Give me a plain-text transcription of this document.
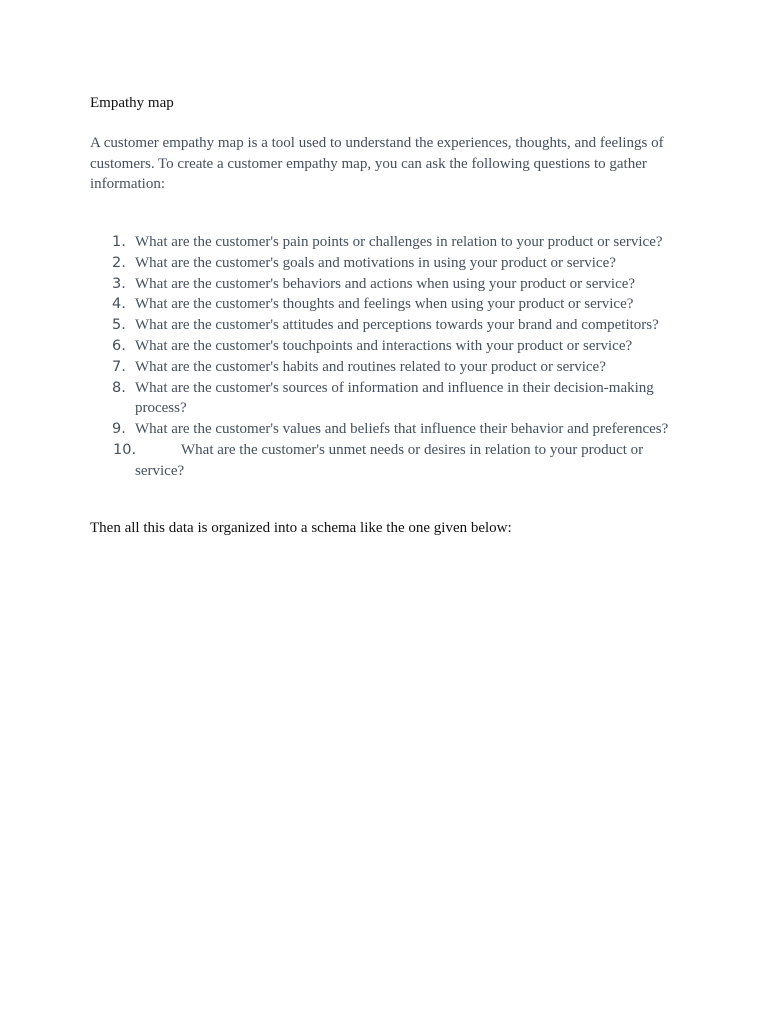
Empathy map

A customer empathy map is a tool used to understand the experiences, thoughts, and feelings of customers. To create a customer empathy map, you can ask the following questions to gather information:

1. What are the customer's pain points or challenges in relation to your product or service?
2. What are the customer's goals and motivations in using your product or service?
3. What are the customer's behaviors and actions when using your product or service?
4. What are the customer's thoughts and feelings when using your product or service?
5. What are the customer's attitudes and perceptions towards your brand and competitors?
6. What are the customer's touchpoints and interactions with your product or service?
7. What are the customer's habits and routines related to your product or service?
8. What are the customer's sources of information and influence in their decision-making process?
9. What are the customer's values and beliefs that influence their behavior and preferences?
10.	What are the customer's unmet needs or desires in relation to your product or service?

Then all this data is organized into a schema like the one given below:
